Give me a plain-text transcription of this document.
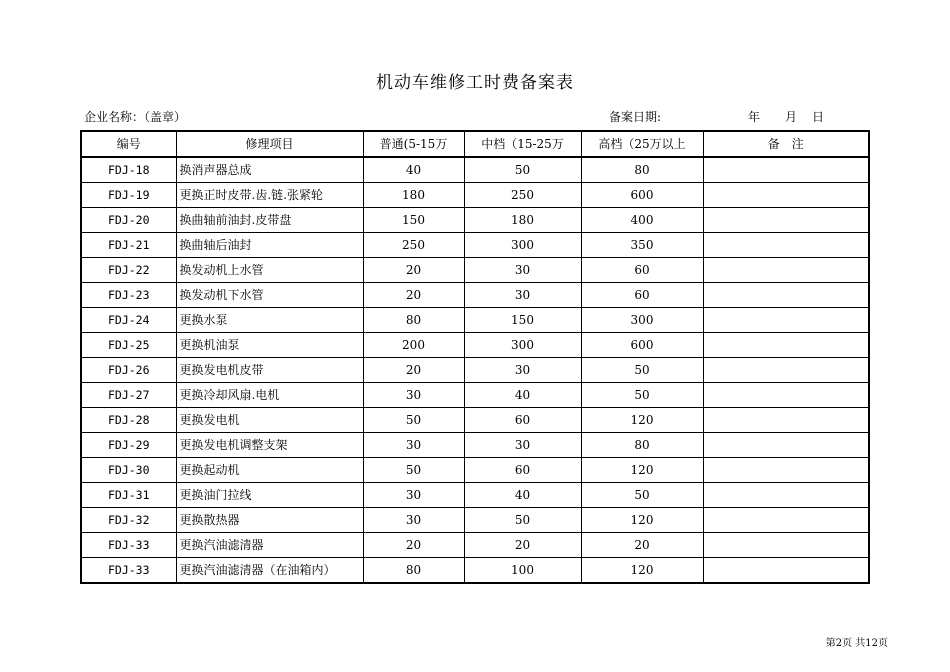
机动车维修工时费备案表
企业名称：（盖章）	备案日期:	年 月 日
编号	修理项目	普通(5-15万	中档（15-25万	高档（25万以上	备　注
FDJ-18	换消声器总成	40	50	80	
FDJ-19	更换正时皮带.齿.链.张紧轮	180	250	600	
FDJ-20	换曲轴前油封.皮带盘	150	180	400	
FDJ-21	换曲轴后油封	250	300	350	
FDJ-22	换发动机上水管	20	30	60	
FDJ-23	换发动机下水管	20	30	60	
FDJ-24	更换水泵	80	150	300	
FDJ-25	更换机油泵	200	300	600	
FDJ-26	更换发电机皮带	20	30	50	
FDJ-27	更换冷却风扇.电机	30	40	50	
FDJ-28	更换发电机	50	60	120	
FDJ-29	更换发电机调整支架	30	30	80	
FDJ-30	更换起动机	50	60	120	
FDJ-31	更换油门拉线	30	40	50	
FDJ-32	更换散热器	30	50	120	
FDJ-33	更换汽油滤清器	20	20	20	
FDJ-33	更换汽油滤清器（在油箱内）	80	100	120	
第2页 共12页
